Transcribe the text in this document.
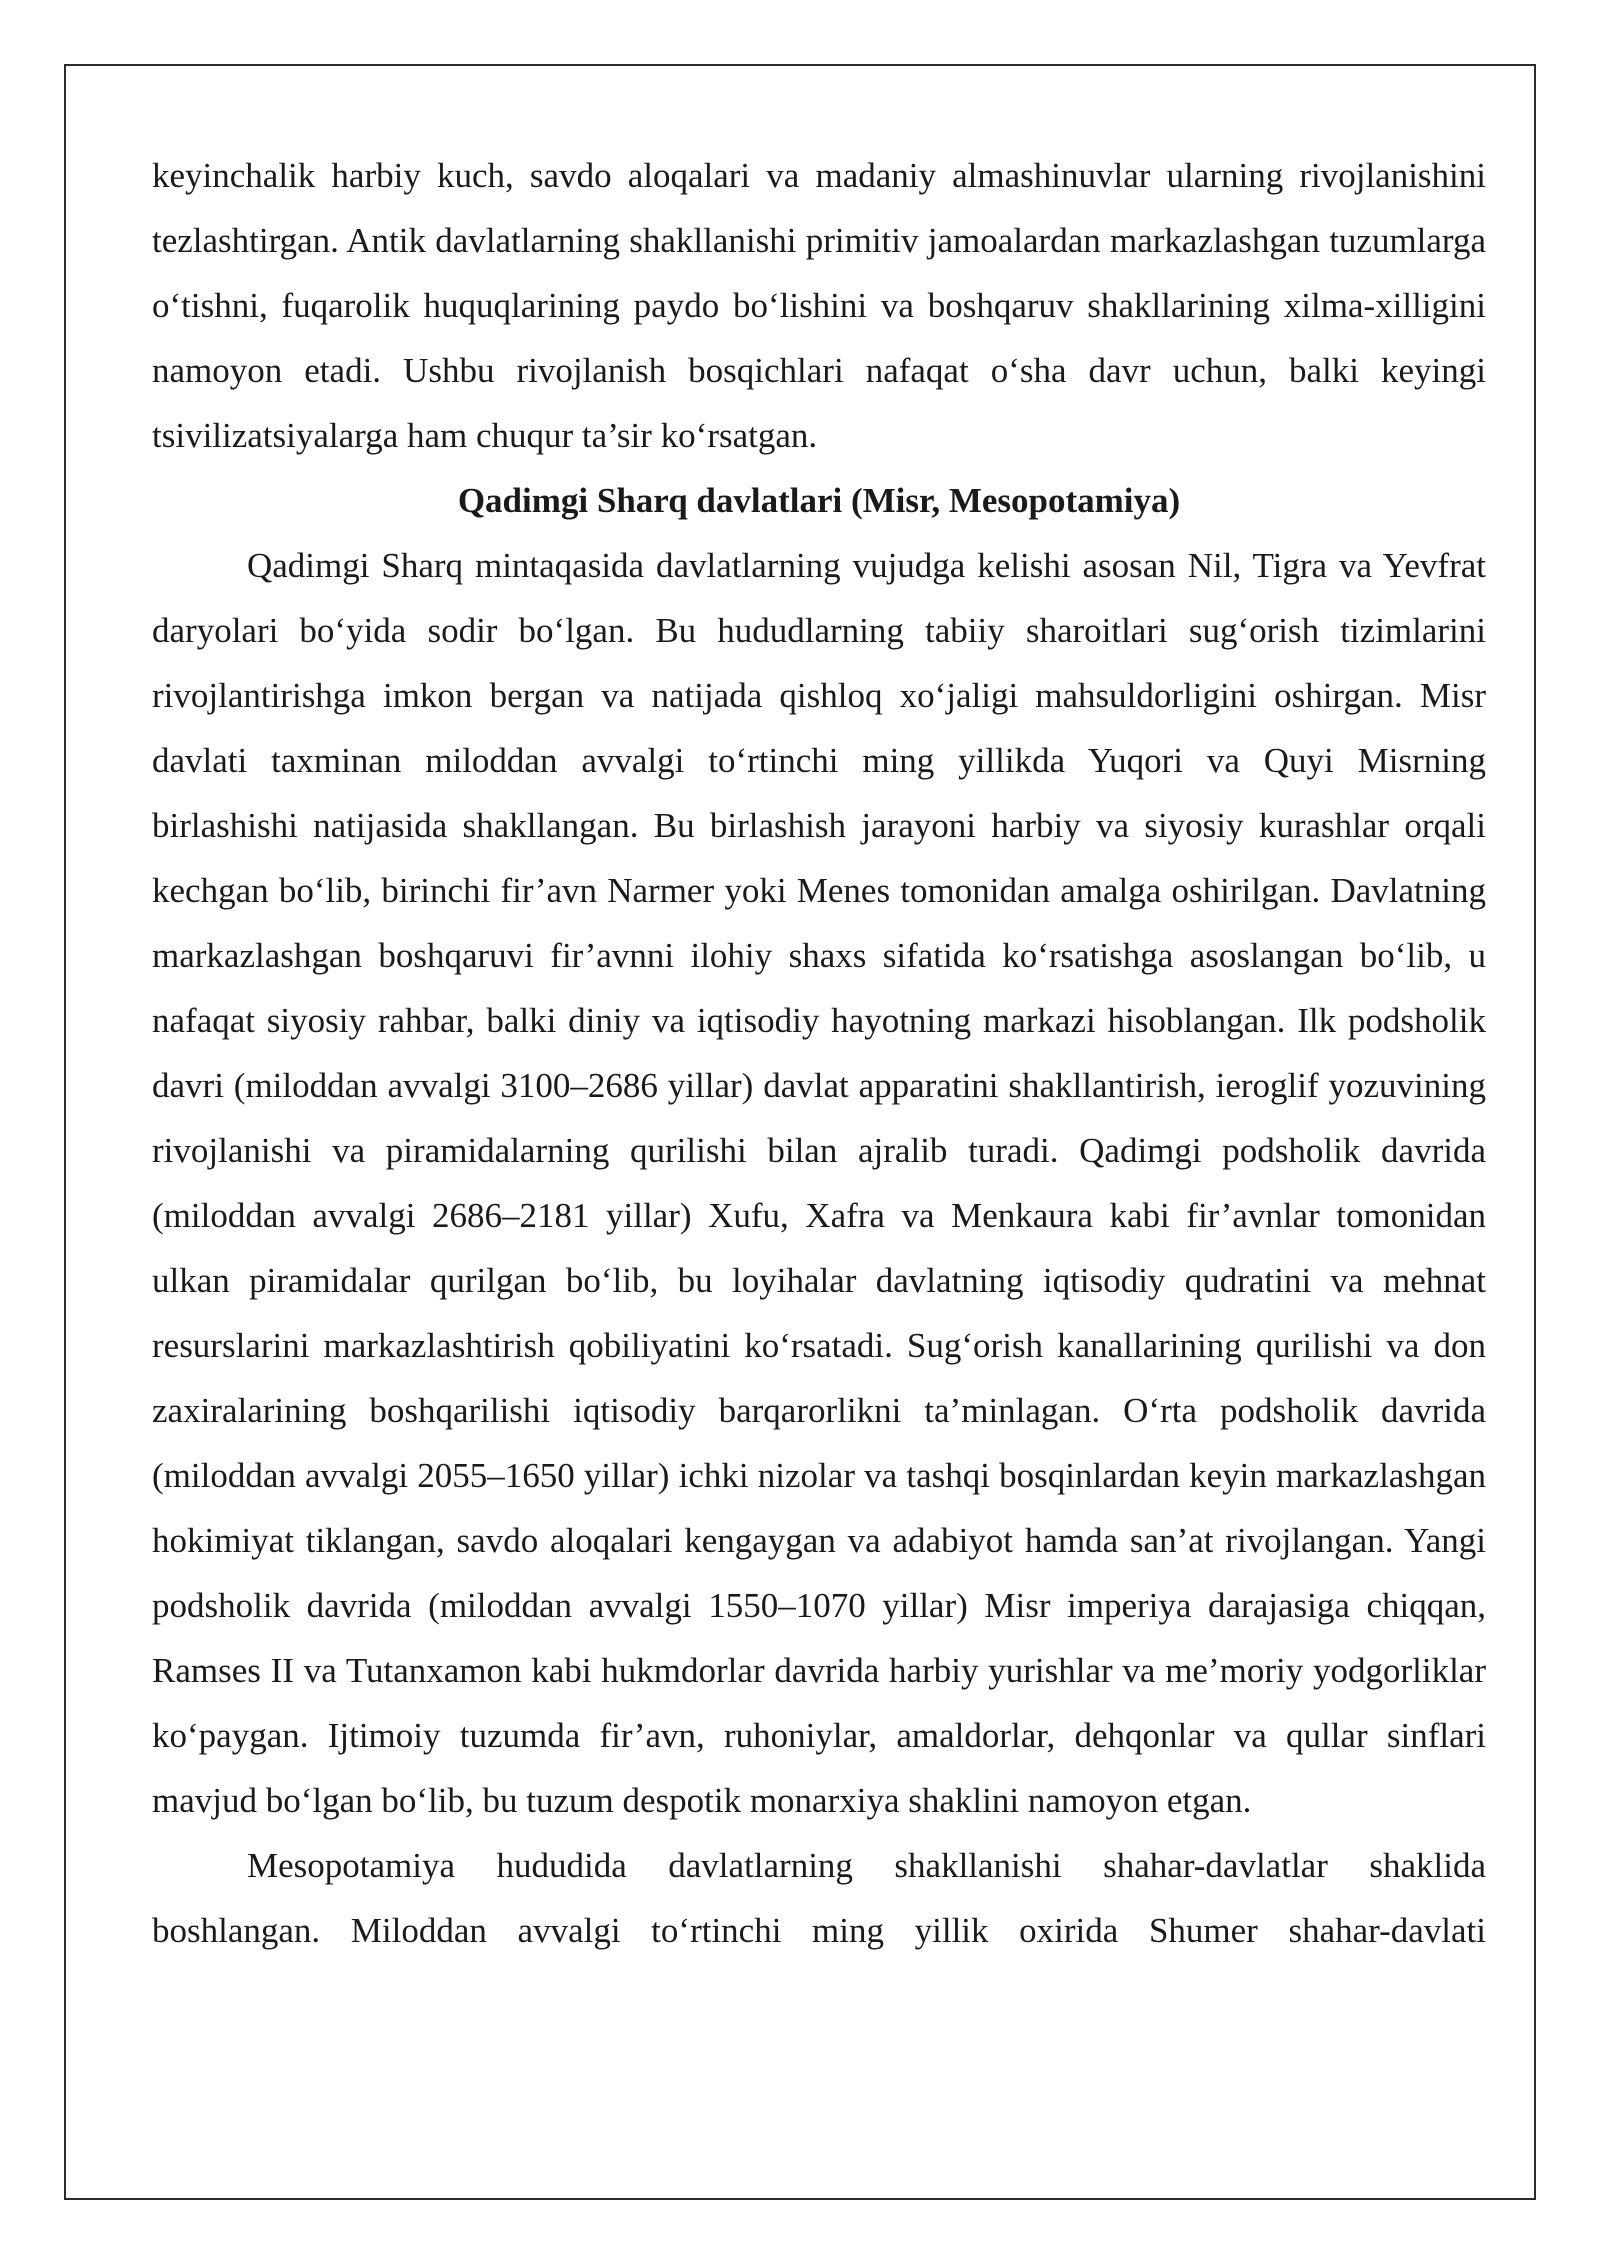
keyinchalik harbiy kuch, savdo aloqalari va madaniy almashinuvlar ularning rivojlanishini tezlashtirgan. Antik davlatlarning shakllanishi primitiv jamoalardan markazlashgan tuzumlarga o‘tishni, fuqarolik huquqlarining paydo bo‘lishini va boshqaruv shakllarining xilma-xilligini namoyon etadi. Ushbu rivojlanish bosqichlari nafaqat o‘sha davr uchun, balki keyingi tsivilizatsiyalarga ham chuqur ta’sir ko‘rsatgan.

Qadimgi Sharq davlatlari (Misr, Mesopotamiya)

Qadimgi Sharq mintaqasida davlatlarning vujudga kelishi asosan Nil, Tigra va Yevfrat daryolari bo‘yida sodir bo‘lgan. Bu hududlarning tabiiy sharoitlari sug‘orish tizimlarini rivojlantirishga imkon bergan va natijada qishloq xo‘jaligi mahsuldorligini oshirgan. Misr davlati taxminan miloddan avvalgi to‘rtinchi ming yillikda Yuqori va Quyi Misrning birlashishi natijasida shakllangan. Bu birlashish jarayoni harbiy va siyosiy kurashlar orqali kechgan bo‘lib, birinchi fir’avn Narmer yoki Menes tomonidan amalga oshirilgan. Davlatning markazlashgan boshqaruvi fir’avnni ilohiy shaxs sifatida ko‘rsatishga asoslangan bo‘lib, u nafaqat siyosiy rahbar, balki diniy va iqtisodiy hayotning markazi hisoblangan. Ilk podsholik davri (miloddan avvalgi 3100–2686 yillar) davlat apparatini shakllantirish, ieroglif yozuvining rivojlanishi va piramidalarning qurilishi bilan ajralib turadi. Qadimgi podsholik davrida (miloddan avvalgi 2686–2181 yillar) Xufu, Xafra va Menkaura kabi fir’avnlar tomonidan ulkan piramidalar qurilgan bo‘lib, bu loyihalar davlatning iqtisodiy qudratini va mehnat resurslarini markazlashtirish qobiliyatini ko‘rsatadi. Sug‘orish kanallarining qurilishi va don zaxiralarining boshqarilishi iqtisodiy barqarorlikni ta’minlagan. O‘rta podsholik davrida (miloddan avvalgi 2055–1650 yillar) ichki nizolar va tashqi bosqinlardan keyin markazlashgan hokimiyat tiklangan, savdo aloqalari kengaygan va adabiyot hamda san’at rivojlangan. Yangi podsholik davrida (miloddan avvalgi 1550–1070 yillar) Misr imperiya darajasiga chiqqan, Ramses II va Tutanxamon kabi hukmdorlar davrida harbiy yurishlar va me’moriy yodgorliklar ko‘paygan. Ijtimoiy tuzumda fir’avn, ruhoniylar, amaldorlar, dehqonlar va qullar sinflari mavjud bo‘lgan bo‘lib, bu tuzum despotik monarxiya shaklini namoyon etgan.

Mesopotamiya hududida davlatlarning shakllanishi shahar-davlatlar shaklida boshlangan. Miloddan avvalgi to‘rtinchi ming yillik oxirida Shumer shahar-davlati
